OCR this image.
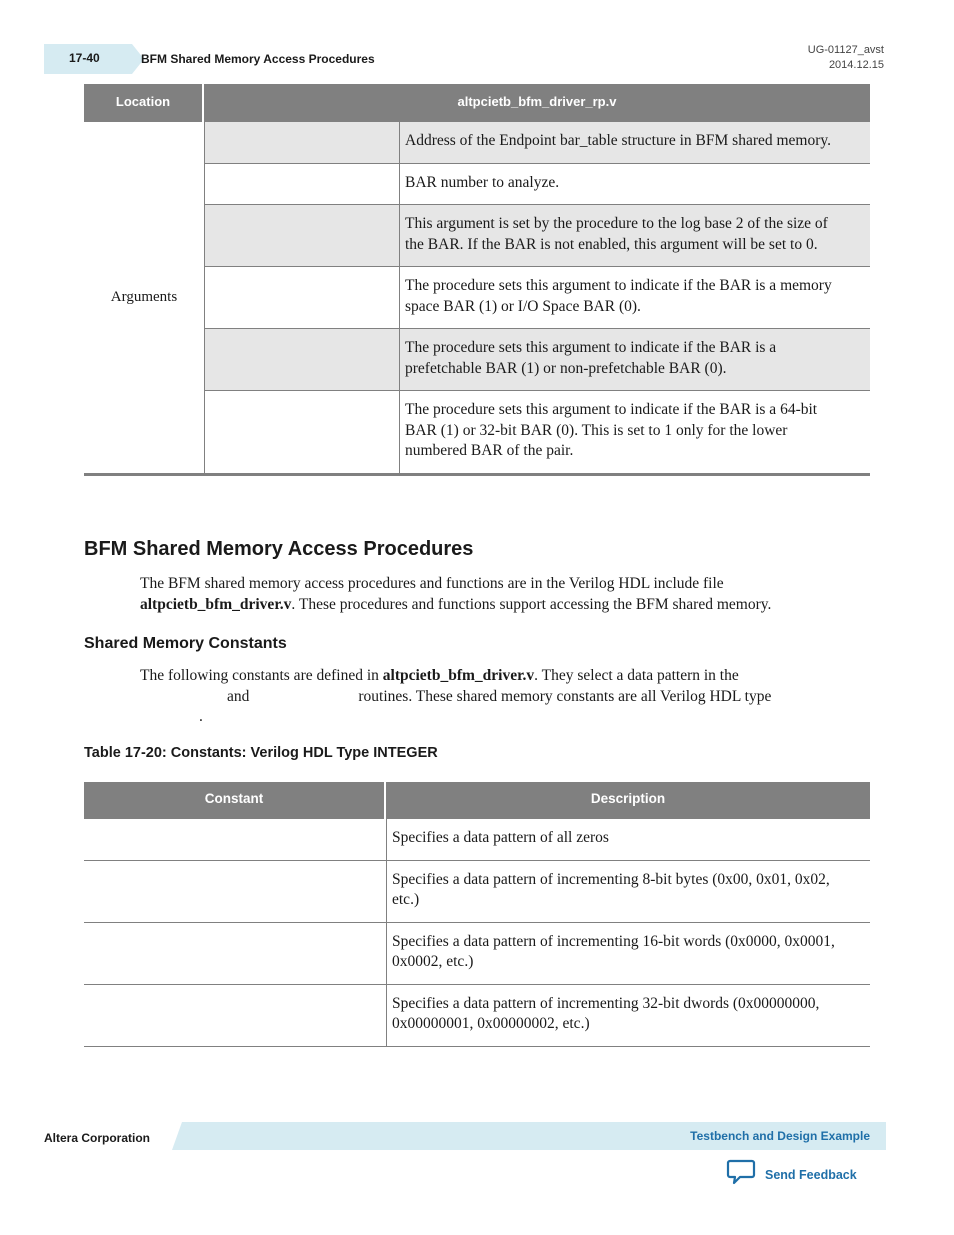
17-40	BFM Shared Memory Access Procedures
UG-01127_avst
2014.12.15
Location	altpcietb_bfm_driver_rp.v
Arguments
Address of the Endpoint bar_table structure in BFM shared memory.
BAR number to analyze.
This argument is set by the procedure to the log base 2 of the size of the BAR. If the BAR is not enabled, this argument will be set to 0.
The procedure sets this argument to indicate if the BAR is a memory space BAR (1) or I/O Space BAR (0).
The procedure sets this argument to indicate if the BAR is a prefetchable BAR (1) or non-prefetchable BAR (0).
The procedure sets this argument to indicate if the BAR is a 64-bit BAR (1) or 32-bit BAR (0). This is set to 1 only for the lower numbered BAR of the pair.
BFM Shared Memory Access Procedures

The BFM shared memory access procedures and functions are in the Verilog HDL include file
altpcietb_bfm_driver.v. These procedures and functions support accessing the BFM shared memory.

Shared Memory Constants
The following constants are defined in altpcietb_bfm_driver.v. They select a data pattern in the
and	routines. These shared memory constants are all Verilog HDL type
.
Table 17-20: Constants: Verilog HDL Type INTEGER
Constant	Description
Specifies a data pattern of all zeros
Specifies a data pattern of incrementing 8-bit bytes (0x00, 0x01, 0x02, etc.)
Specifies a data pattern of incrementing 16-bit words (0x0000, 0x0001, 0x0002, etc.)
Specifies a data pattern of incrementing 32-bit dwords (0x00000000, 0x00000001, 0x00000002, etc.)
Altera Corporation	Testbench and Design Example
Send Feedback
